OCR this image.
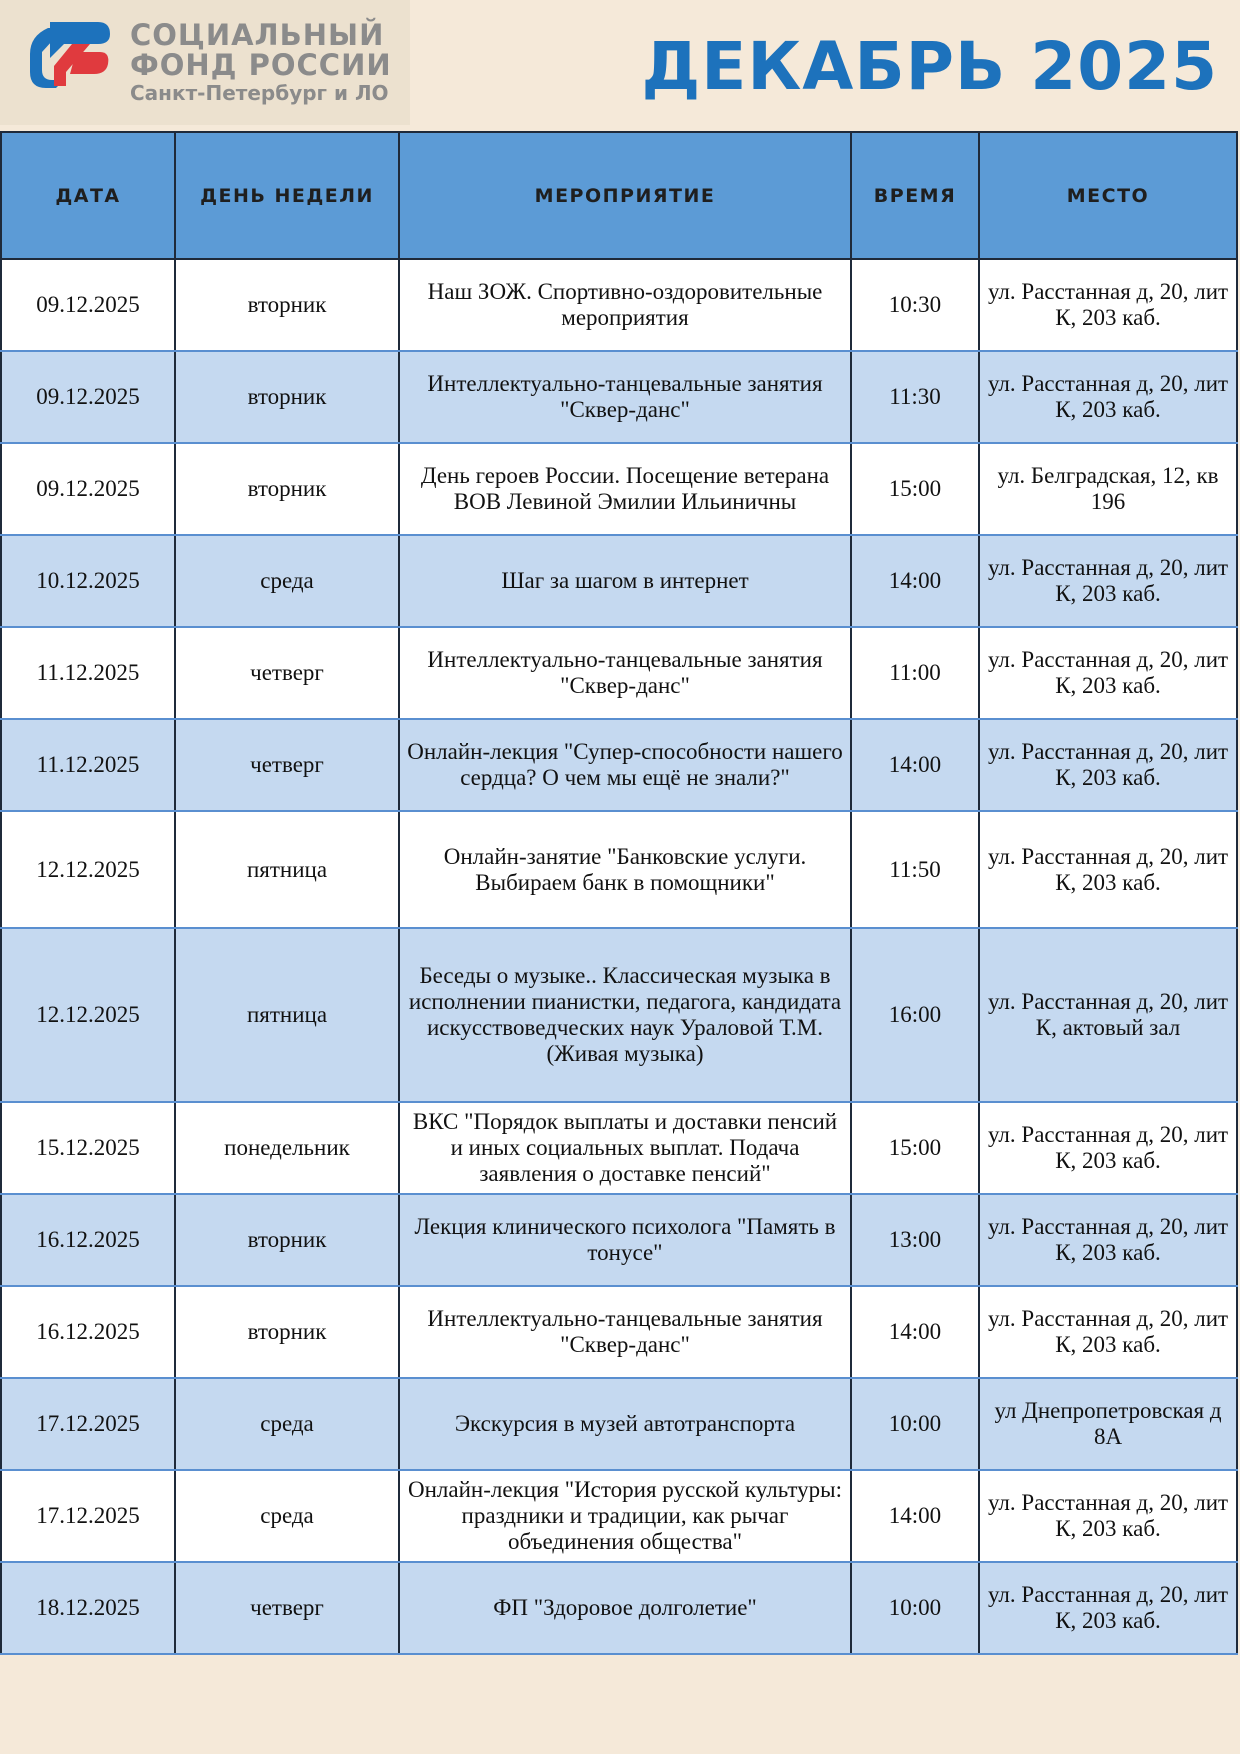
СОЦИАЛЬНЫЙ
ФОНД РОССИИ
Санкт-Петербург и ЛО	ДЕКАБРЬ 2025
ДАТА	ДЕНЬ НЕДЕЛИ	МЕРОПРИЯТИЕ	ВРЕМЯ	МЕСТО
09.12.2025	вторник	Наш ЗОЖ. Спортивно-оздоровительные мероприятия	10:30	ул. Расстанная д, 20, лит К, 203 каб.
09.12.2025	вторник	Интеллектуально-танцевальные занятия "Сквер-данс"	11:30	ул. Расстанная д, 20, лит К, 203 каб.
09.12.2025	вторник	День героев России. Посещение ветерана ВОВ Левиной Эмилии Ильиничны	15:00	ул. Белградская, 12, кв 196
10.12.2025	среда	Шаг за шагом в интернет	14:00	ул. Расстанная д, 20, лит К, 203 каб.
11.12.2025	четверг	Интеллектуально-танцевальные занятия "Сквер-данс"	11:00	ул. Расстанная д, 20, лит К, 203 каб.
11.12.2025	четверг	Онлайн-лекция "Супер-способности нашего сердца? О чем мы ещё не знали?"	14:00	ул. Расстанная д, 20, лит К, 203 каб.
12.12.2025	пятница	Онлайн-занятие "Банковские услуги. Выбираем банк в помощники"	11:50	ул. Расстанная д, 20, лит К, 203 каб.
12.12.2025	пятница	Беседы о музыке.. Классическая музыка в исполнении пианистки, педагога, кандидата искусствоведческих наук Ураловой Т.М. (Живая музыка)	16:00	ул. Расстанная д, 20, лит К, актовый зал
15.12.2025	понедельник	ВКС "Порядок выплаты и доставки пенсий и иных социальных выплат. Подача заявления о доставке пенсий"	15:00	ул. Расстанная д, 20, лит К, 203 каб.
16.12.2025	вторник	Лекция клинического психолога "Память в тонусе"	13:00	ул. Расстанная д, 20, лит К, 203 каб.
16.12.2025	вторник	Интеллектуально-танцевальные занятия "Сквер-данс"	14:00	ул. Расстанная д, 20, лит К, 203 каб.
17.12.2025	среда	Экскурсия в музей автотранспорта	10:00	ул Днепропетровская д 8А
17.12.2025	среда	Онлайн-лекция "История русской культуры: праздники и традиции, как рычаг объединения общества"	14:00	ул. Расстанная д, 20, лит К, 203 каб.
18.12.2025	четверг	ФП "Здоровое долголетие"	10:00	ул. Расстанная д, 20, лит К, 203 каб.
